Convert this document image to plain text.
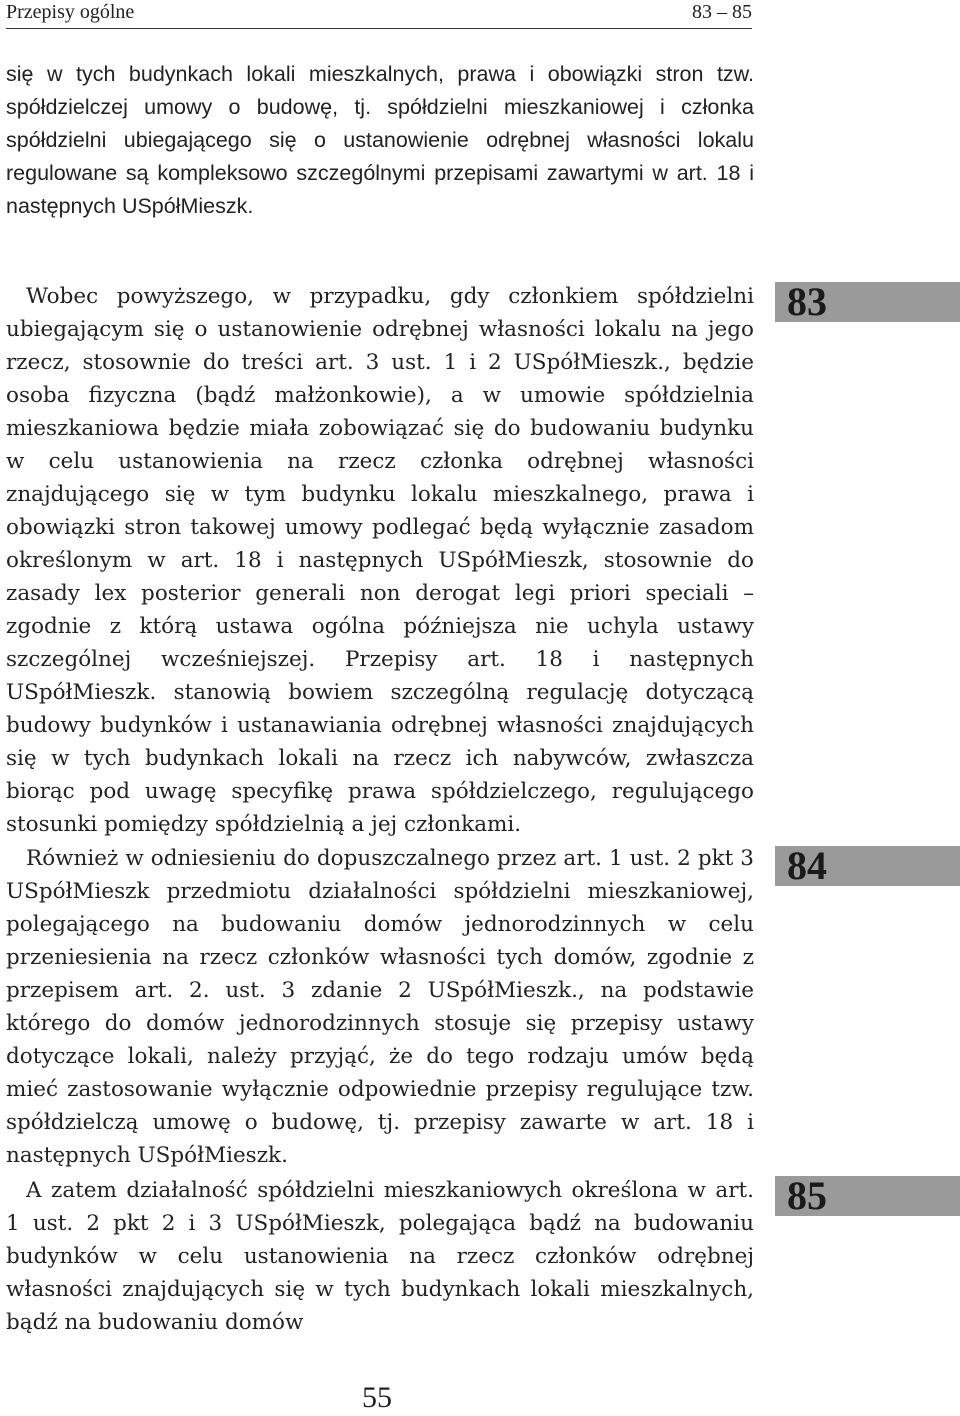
Przepisy ogólne	83 – 85

się w tych budynkach lokali mieszkalnych, prawa i obowiązki stron tzw. spółdzielczej umowy o budowę, tj. spółdzielni mieszkaniowej i członka spółdzielni ubiegającego się o ustanowienie odrębnej własności lokalu regulowane są kompleksowo szczególnymi przepisami zawartymi w art. 18 i następnych USpółMieszk.

83

Wobec powyższego, w przypadku, gdy członkiem spółdzielni ubiegającym się o ustanowienie odrębnej własności lokalu na jego rzecz, stosownie do treści art. 3 ust. 1 i 2 USpółMieszk., będzie osoba fizyczna (bądź małżonkowie), a w umowie spółdzielnia mieszkaniowa będzie miała zobowiązać się do budowaniu budynku w celu ustanowienia na rzecz członka odrębnej własności znajdującego się w tym budynku lokalu mieszkalnego, prawa i obowiązki stron takowej umowy podlegać będą wyłącznie zasadom określonym w art. 18 i następnych USpółMieszk, stosownie do zasady lex posterior generali non derogat legi priori speciali – zgodnie z którą ustawa ogólna późniejsza nie uchyla ustawy szczególnej wcześniejszej. Przepisy art. 18 i następnych USpółMieszk. stanowią bowiem szczególną regulację dotyczącą budowy budynków i ustanawiania odrębnej własności znajdujących się w tych budynkach lokali na rzecz ich nabywców, zwłaszcza biorąc pod uwagę specyfikę prawa spółdzielczego, regulującego stosunki pomiędzy spółdzielnią a jej członkami.

84

Również w odniesieniu do dopuszczalnego przez art. 1 ust. 2 pkt 3 USpółMieszk przedmiotu działalności spółdzielni mieszkaniowej, polegającego na budowaniu domów jednorodzinnych w celu przeniesienia na rzecz członków własności tych domów, zgodnie z przepisem art. 2. ust. 3 zdanie 2 USpółMieszk., na podstawie którego do domów jednorodzinnych stosuje się przepisy ustawy dotyczące lokali, należy przyjąć, że do tego rodzaju umów będą mieć zastosowanie wyłącznie odpowiednie przepisy regulujące tzw. spółdzielczą umowę o budowę, tj. przepisy zawarte w art. 18 i następnych USpółMieszk.

85

A zatem działalność spółdzielni mieszkaniowych określona w art. 1 ust. 2 pkt 2 i 3 USpółMieszk, polegająca bądź na budowaniu budynków w celu ustanowienia na rzecz członków odrębnej własności znajdujących się w tych budynkach lokali mieszkalnych, bądź na budowaniu domów

55
